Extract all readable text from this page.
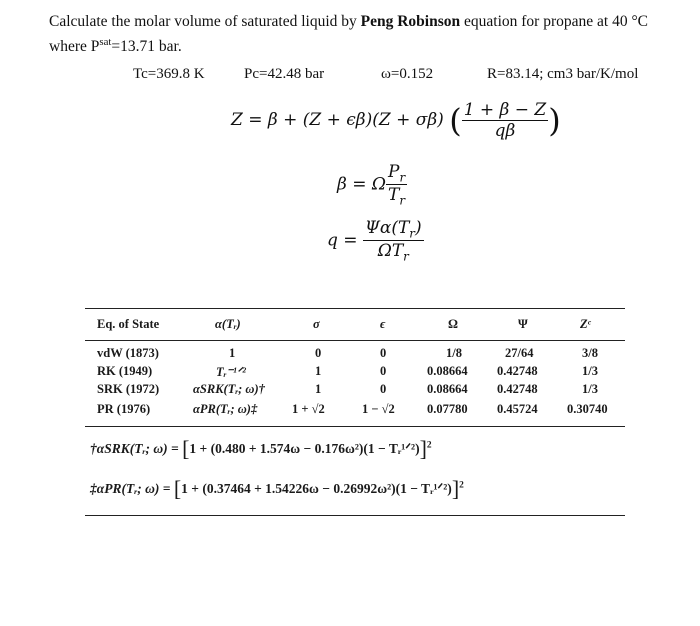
Calculate the molar volume of saturated liquid by Peng Robinson equation for propane at 40 °C
where $P^{sat}=13.71$ bar.
Tc=369.8 K	Pc=42.48 bar	ω=0.152	R=83.14; cm3 bar/K/mol
Z = β + (Z + ϵβ)(Z + σβ) ( $\frac{1 + \beta - Z}{q\beta}$ )
β = Ω $\frac{P_r}{T_r}$
$q = \frac{\Psi\alpha(T_r)}{\Omega T_r}$
Eq. of State	α(Tᵣ)	σ	ϵ	Ω	Ψ	Zᶜ
vdW (1873)	1	0	0	1/8	27/64	3/8
RK (1949)	Tᵣ⁻¹ᐟ²	1	0	0.08664 0.42748	1/3
SRK (1972)	αSRK(Tᵣ; ω)†	1	0	0.08664 0.42748	1/3
PR (1976)	αPR(Tᵣ; ω)‡	1 + √2	1 − √2	0.07780 0.45724 0.30740
†αSRK(Tᵣ; ω) = [1 + (0.480 + 1.574ω − 0.176ω²)(1 − Tᵣ¹ᐟ²)]$^2$
‡αPR(Tᵣ; ω) = [1 + (0.37464 + 1.54226ω − 0.26992ω²)(1 − Tᵣ¹ᐟ²)]$^2$
